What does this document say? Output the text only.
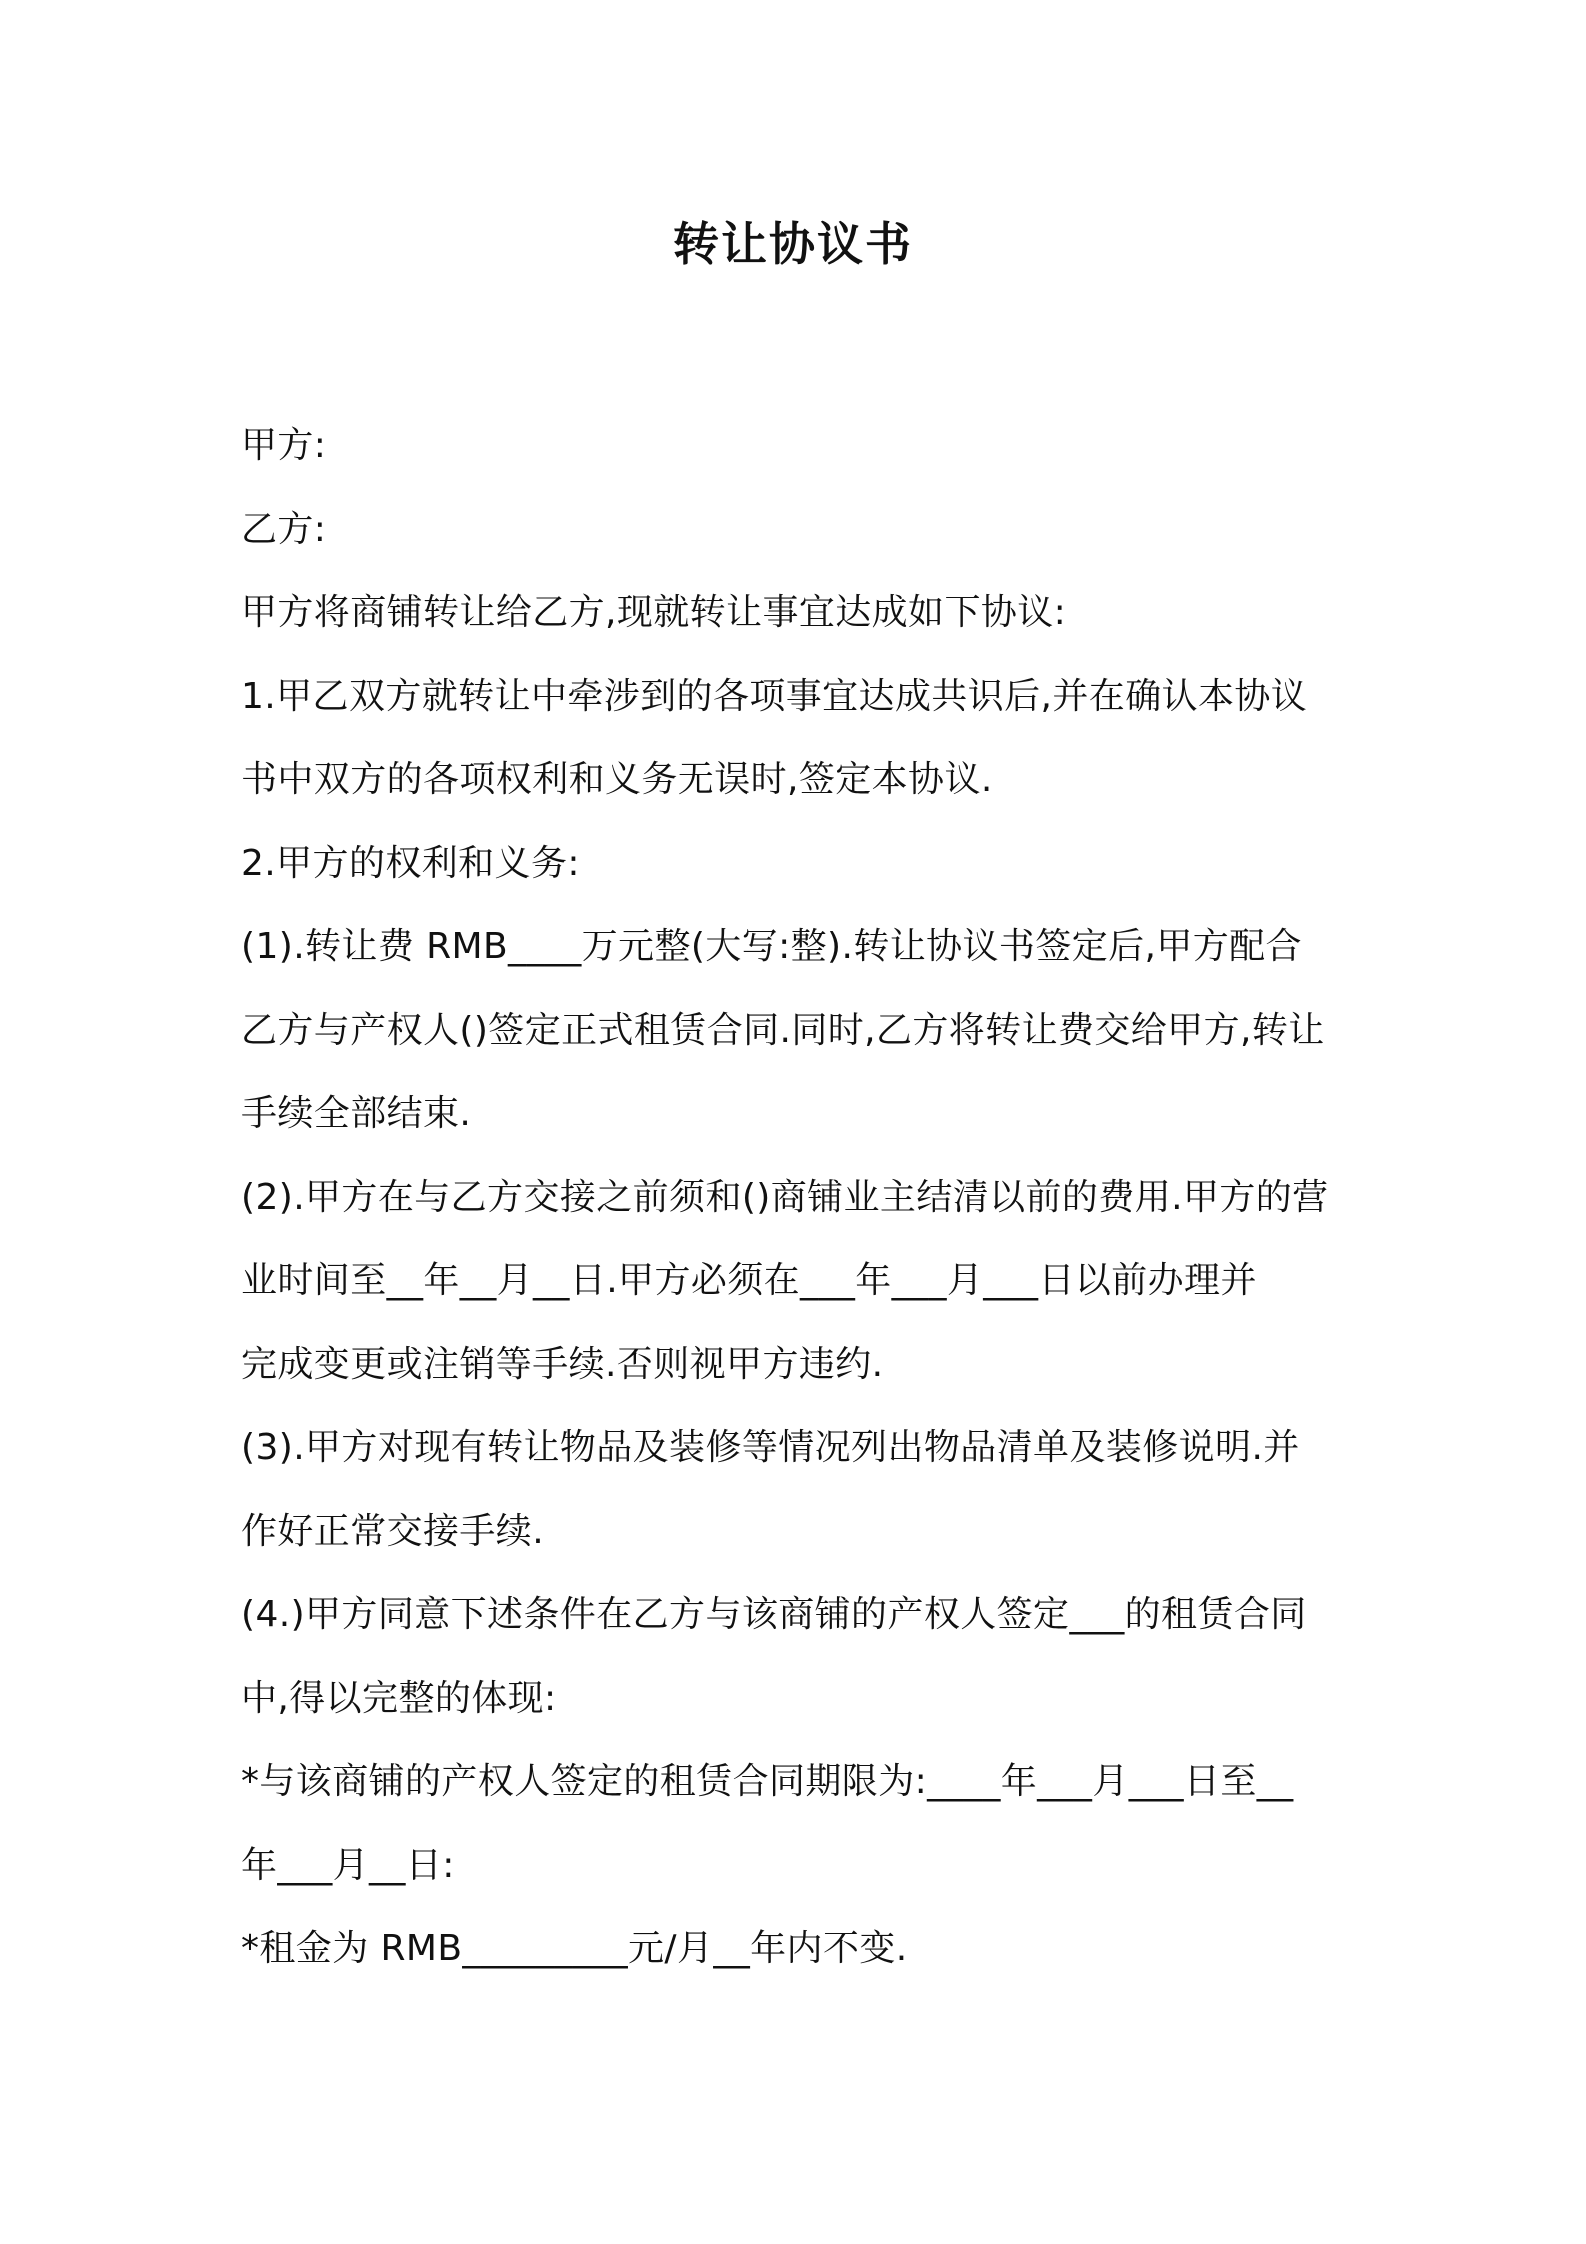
转让协议书
甲方:
乙方:
甲方将商铺转让给乙方,现就转让事宜达成如下协议:
1.甲乙双方就转让中牵涉到的各项事宜达成共识后,并在确认本协议
书中双方的各项权利和义务无误时,签定本协议.
2.甲方的权利和义务:
(1).转让费 RMB____万元整(大写:整).转让协议书签定后,甲方配合
乙方与产权人()签定正式租赁合同.同时,乙方将转让费交给甲方,转让
手续全部结束.
(2).甲方在与乙方交接之前须和()商铺业主结清以前的费用.甲方的营
业时间至__年__月__日.甲方必须在___年___月___日以前办理并
完成变更或注销等手续.否则视甲方违约.
(3).甲方对现有转让物品及装修等情况列出物品清单及装修说明.并
作好正常交接手续.
(4.)甲方同意下述条件在乙方与该商铺的产权人签定___的租赁合同
中,得以完整的体现:
*与该商铺的产权人签定的租赁合同期限为:____年___月___日至__
年___月__日:
*租金为 RMB_________元/月__年内不变.
